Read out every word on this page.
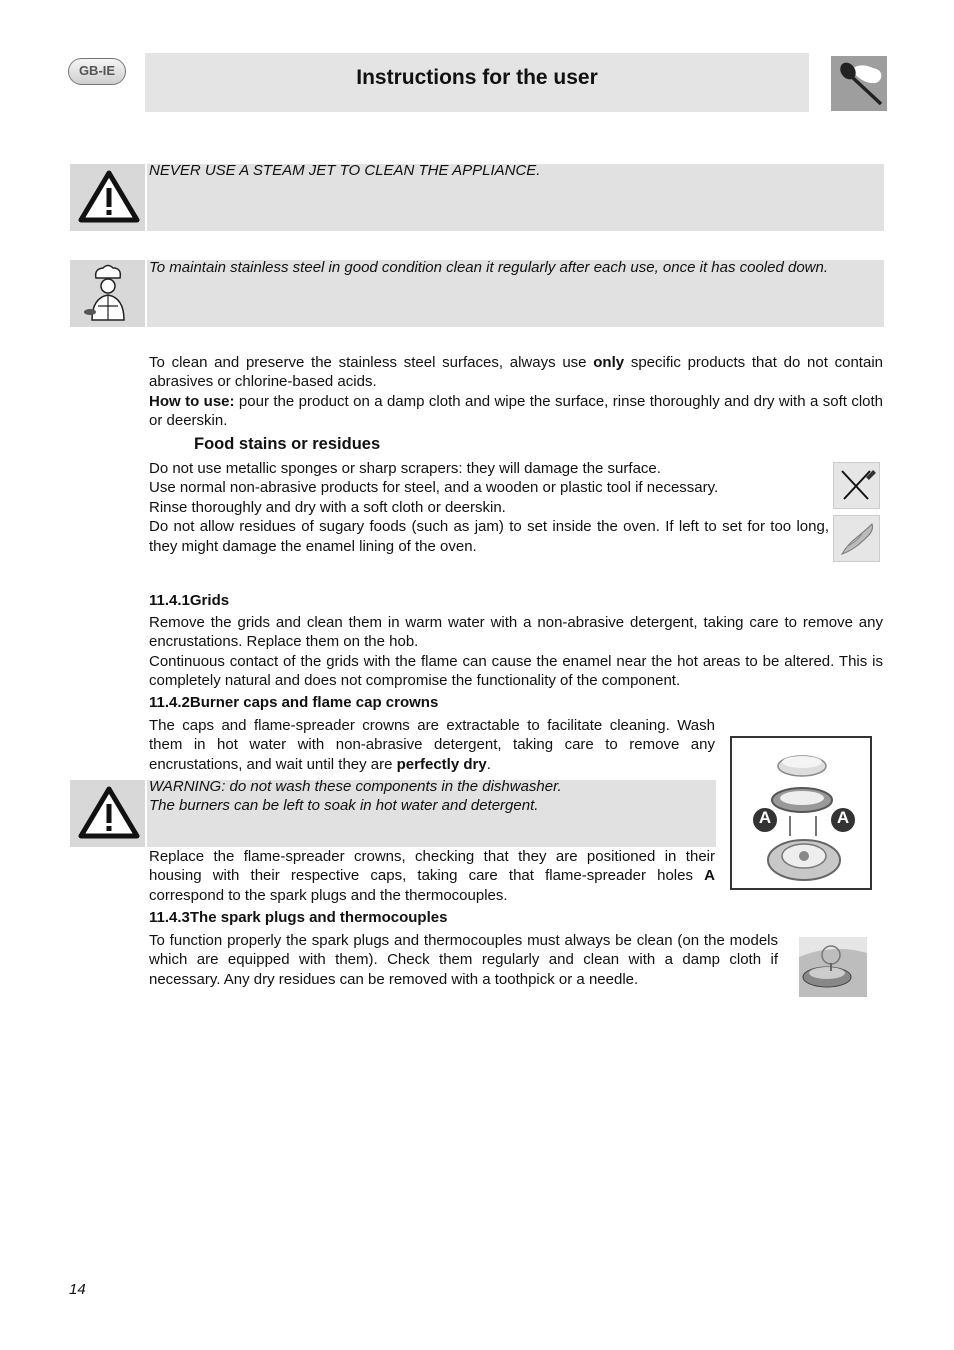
GB-IE	Instructions for the user
NEVER USE A STEAM JET TO CLEAN THE APPLIANCE.
To maintain stainless steel in good condition clean it regularly after each use, once it has cooled down.
To clean and preserve the stainless steel surfaces, always use only specific products that do not contain abrasives or chlorine-based acids.
How to use: pour the product on a damp cloth and wipe the surface, rinse thoroughly and dry with a soft cloth or deerskin.
Food stains or residues
Do not use metallic sponges or sharp scrapers: they will damage the surface.
Use normal non-abrasive products for steel, and a wooden or plastic tool if necessary.
Rinse thoroughly and dry with a soft cloth or deerskin.
Do not allow residues of sugary foods (such as jam) to set inside the oven. If left to set for too long, they might damage the enamel lining of the oven.
11.4.1Grids
Remove the grids and clean them in warm water with a non-abrasive detergent, taking care to remove any encrustations. Replace them on the hob.
Continuous contact of the grids with the flame can cause the enamel near the hot areas to be altered. This is completely natural and does not compromise the functionality of the component.
11.4.2Burner caps and flame cap crowns
The caps and flame-spreader crowns are extractable to facilitate cleaning. Wash them in hot water with non-abrasive detergent, taking care to remove any encrustations, and wait until they are perfectly dry.
WARNING: do not wash these components in the dishwasher.
The burners can be left to soak in hot water and detergent.
Replace the flame-spreader crowns, checking that they are positioned in their housing with their respective caps, taking care that flame-spreader holes A correspond to the spark plugs and the thermocouples.
A	A
11.4.3The spark plugs and thermocouples
To function properly the spark plugs and thermocouples must always be clean (on the models which are equipped with them). Check them regularly and clean with a damp cloth if necessary. Any dry residues can be removed with a toothpick or a needle.
14
